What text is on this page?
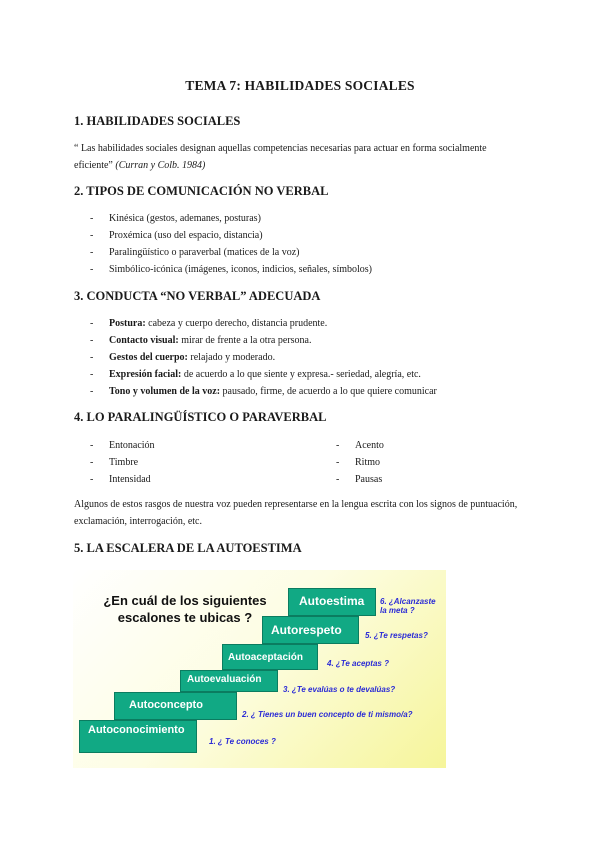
TEMA 7: HABILIDADES SOCIALES
1. HABILIDADES SOCIALES
“ Las habilidades sociales designan aquellas competencias necesarias para actuar en forma socialmente eficiente” (Curran y Colb. 1984)
2. TIPOS DE COMUNICACIÓN NO VERBAL
- Kinésica (gestos, ademanes, posturas)
- Proxémica (uso del espacio, distancia)
- Paralingüístico o paraverbal (matices de la voz)
- Simbólico-icónica (imágenes, iconos, indicios, señales, símbolos)
3. CONDUCTA “NO VERBAL” ADECUADA
- Postura: cabeza y cuerpo derecho, distancia prudente.
- Contacto visual: mirar de frente a la otra persona.
- Gestos del cuerpo: relajado y moderado.
- Expresión facial: de acuerdo a lo que siente y expresa.- seriedad, alegría, etc.
- Tono y volumen de la voz: pausado, firme, de acuerdo a lo que quiere comunicar
4. LO PARALINGÜÍSTICO O PARAVERBAL
- Entonación
- Timbre
- Intensidad
- Acento
- Ritmo
- Pausas
Algunos de estos rasgos de nuestra voz pueden representarse en la lengua escrita con los signos de puntuación, exclamación, interrogación, etc.
5. LA ESCALERA DE LA AUTOESTIMA
¿En cuál de los siguientes escalones te ubicas ?
Autoconocimiento
1. ¿ Te conoces ?
Autoconcepto
2. ¿ Tienes un buen concepto de ti mismo/a?
Autoevaluación
3. ¿Te evalúas o te devalúas?
Autoaceptación
4. ¿Te aceptas ?
Autorespeto	5. ¿Te respetas?
Autoestima 6. ¿Alcanzaste la meta ?
